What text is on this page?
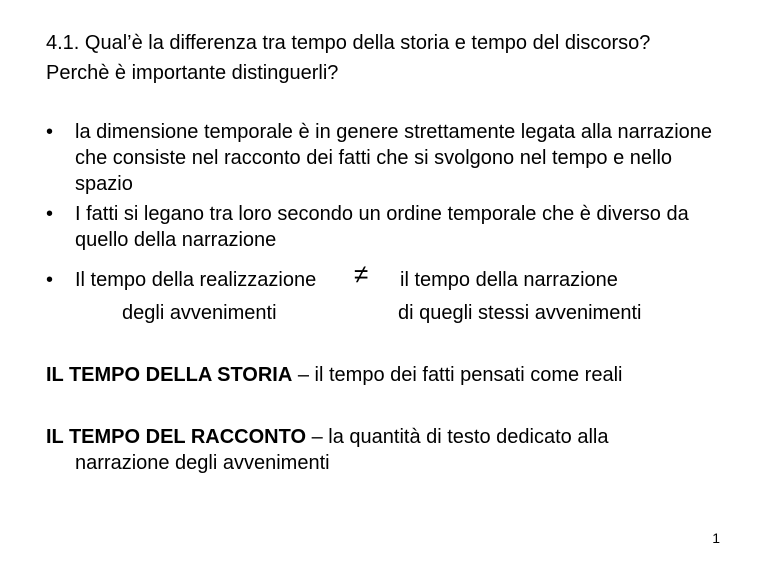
4.1. Qual’è la differenza tra tempo della storia e tempo del discorso?
Perchè è importante distinguerli?
•	la dimensione temporale è in genere strettamente legata alla narrazione che consiste nel racconto dei fatti che si svolgono nel tempo e nello spazio
•	I fatti si legano tra loro secondo un ordine temporale che è diverso da quello della narrazione
•	Il tempo della realizzazione ≠ il tempo della narrazione
degli avvenimenti	di quegli stessi avvenimenti
IL TEMPO DELLA STORIA – il tempo dei fatti pensati come reali
IL TEMPO DEL RACCONTO – la quantità di testo dedicato alla
narrazione degli avvenimenti
1
